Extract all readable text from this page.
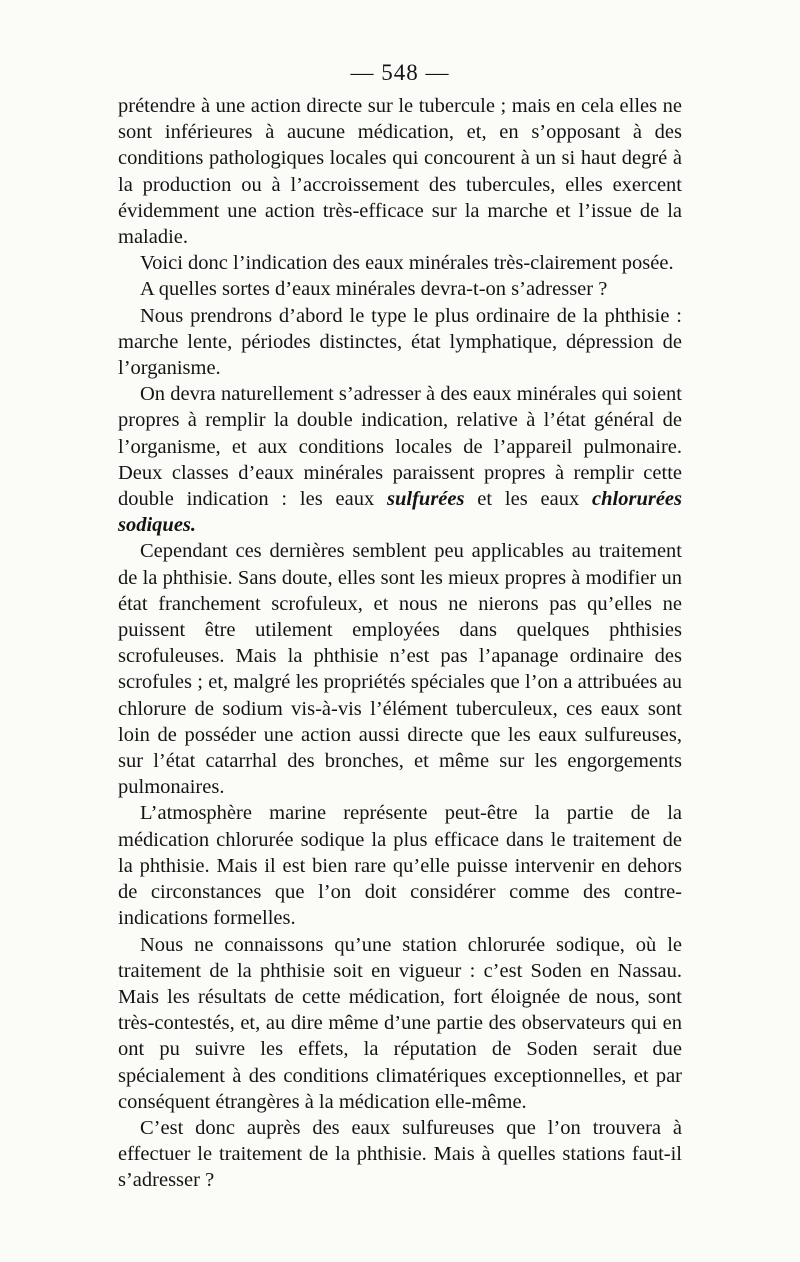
— 548 —

prétendre à une action directe sur le tubercule ; mais en cela elles ne sont inférieures à aucune médication, et, en s’opposant à des conditions pathologiques locales qui concourent à un si haut degré à la production ou à l’accroissement des tubercules, elles exercent évidemment une action très-efficace sur la marche et l’issue de la maladie.

Voici donc l’indication des eaux minérales très-clairement posée.

A quelles sortes d’eaux minérales devra-t-on s’adresser ?

Nous prendrons d’abord le type le plus ordinaire de la phthisie : marche lente, périodes distinctes, état lymphatique, dépression de l’organisme.

On devra naturellement s’adresser à des eaux minérales qui soient propres à remplir la double indication, relative à l’état général de l’organisme, et aux conditions locales de l’appareil pulmonaire. Deux classes d’eaux minérales paraissent propres à remplir cette double indication : les eaux sulfurées et les eaux chlorurées sodiques.

Cependant ces dernières semblent peu applicables au traitement de la phthisie. Sans doute, elles sont les mieux propres à modifier un état franchement scrofuleux, et nous ne nierons pas qu’elles ne puissent être utilement employées dans quelques phthisies scrofuleuses. Mais la phthisie n’est pas l’apanage ordinaire des scrofules ; et, malgré les propriétés spéciales que l’on a attribuées au chlorure de sodium vis-à-vis l’élément tuberculeux, ces eaux sont loin de posséder une action aussi directe que les eaux sulfureuses, sur l’état catarrhal des bronches, et même sur les engorgements pulmonaires.

L’atmosphère marine représente peut-être la partie de la médication chlorurée sodique la plus efficace dans le traitement de la phthisie. Mais il est bien rare qu’elle puisse intervenir en dehors de circonstances que l’on doit considérer comme des contre-indications formelles.

Nous ne connaissons qu’une station chlorurée sodique, où le traitement de la phthisie soit en vigueur : c’est Soden en Nassau. Mais les résultats de cette médication, fort éloignée de nous, sont très-contestés, et, au dire même d’une partie des observateurs qui en ont pu suivre les effets, la réputation de Soden serait due spécialement à des conditions climatériques exceptionnelles, et par conséquent étrangères à la médication elle-même.

C’est donc auprès des eaux sulfureuses que l’on trouvera à effectuer le traitement de la phthisie. Mais à quelles stations faut-il s’adresser ?
